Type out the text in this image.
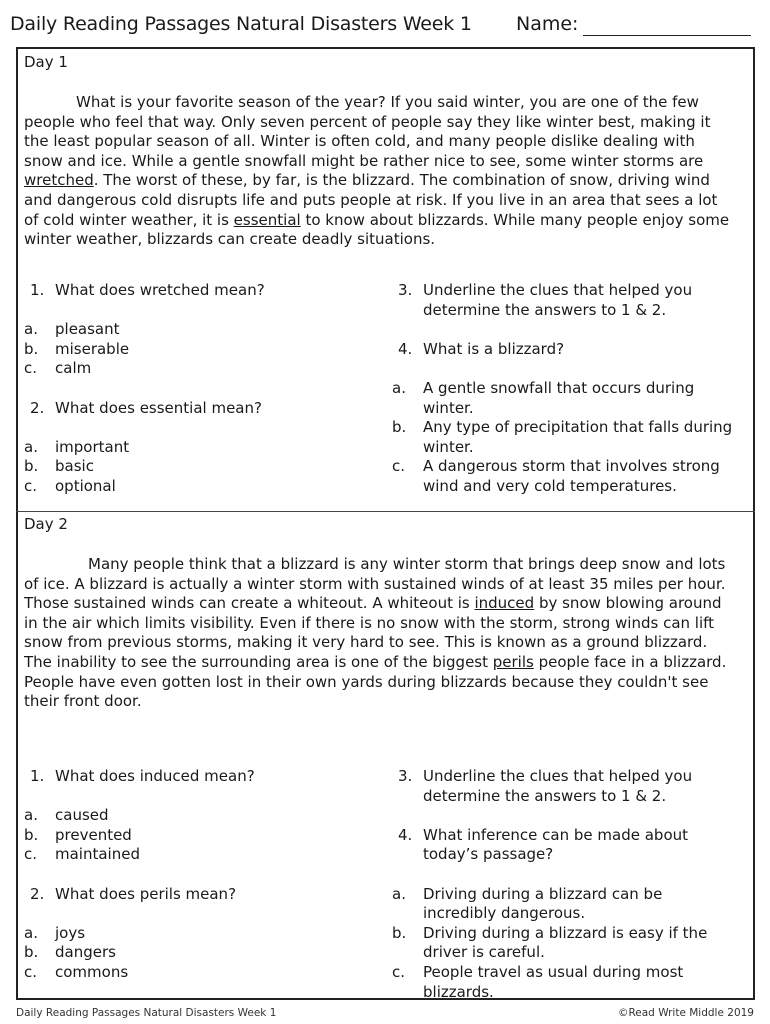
Daily Reading Passages Natural Disasters Week 1 Name:
Day 1

What is your favorite season of the year? If you said winter, you are one of the few people who feel that way. Only seven percent of people say they like winter best, making it the least popular season of all. Winter is often cold, and many people dislike dealing with snow and ice. While a gentle snowfall might be rather nice to see, some winter storms are wretched. The worst of these, by far, is the blizzard. The combination of snow, driving wind and dangerous cold disrupts life and puts people at risk. If you live in an area that sees a lot of cold winter weather, it is essential to know about blizzards. While many people enjoy some winter weather, blizzards can create deadly situations.

1. What does wretched mean?
a. pleasant
b. miserable
c. calm
2. What does essential mean?
a. important
b. basic
c. optional
3. Underline the clues that helped you determine the answers to 1 & 2.
4. What is a blizzard?
a. A gentle snowfall that occurs during winter.
b. Any type of precipitation that falls during winter.
c. A dangerous storm that involves strong wind and very cold temperatures.
Day 2

Many people think that a blizzard is any winter storm that brings deep snow and lots of ice. A blizzard is actually a winter storm with sustained winds of at least 35 miles per hour. Those sustained winds can create a whiteout. A whiteout is induced by snow blowing around in the air which limits visibility. Even if there is no snow with the storm, strong winds can lift snow from previous storms, making it very hard to see. This is known as a ground blizzard. The inability to see the surrounding area is one of the biggest perils people face in a blizzard. People have even gotten lost in their own yards during blizzards because they couldn't see their front door.

1. What does induced mean?
a. caused
b. prevented
c. maintained
2. What does perils mean?
a. joys
b. dangers
c. commons
3. Underline the clues that helped you determine the answers to 1 & 2.
4. What inference can be made about today’s passage?
a. Driving during a blizzard can be incredibly dangerous.
b. Driving during a blizzard is easy if the driver is careful.
c. People travel as usual during most blizzards.
Daily Reading Passages Natural Disasters Week 1	©Read Write Middle 2019
